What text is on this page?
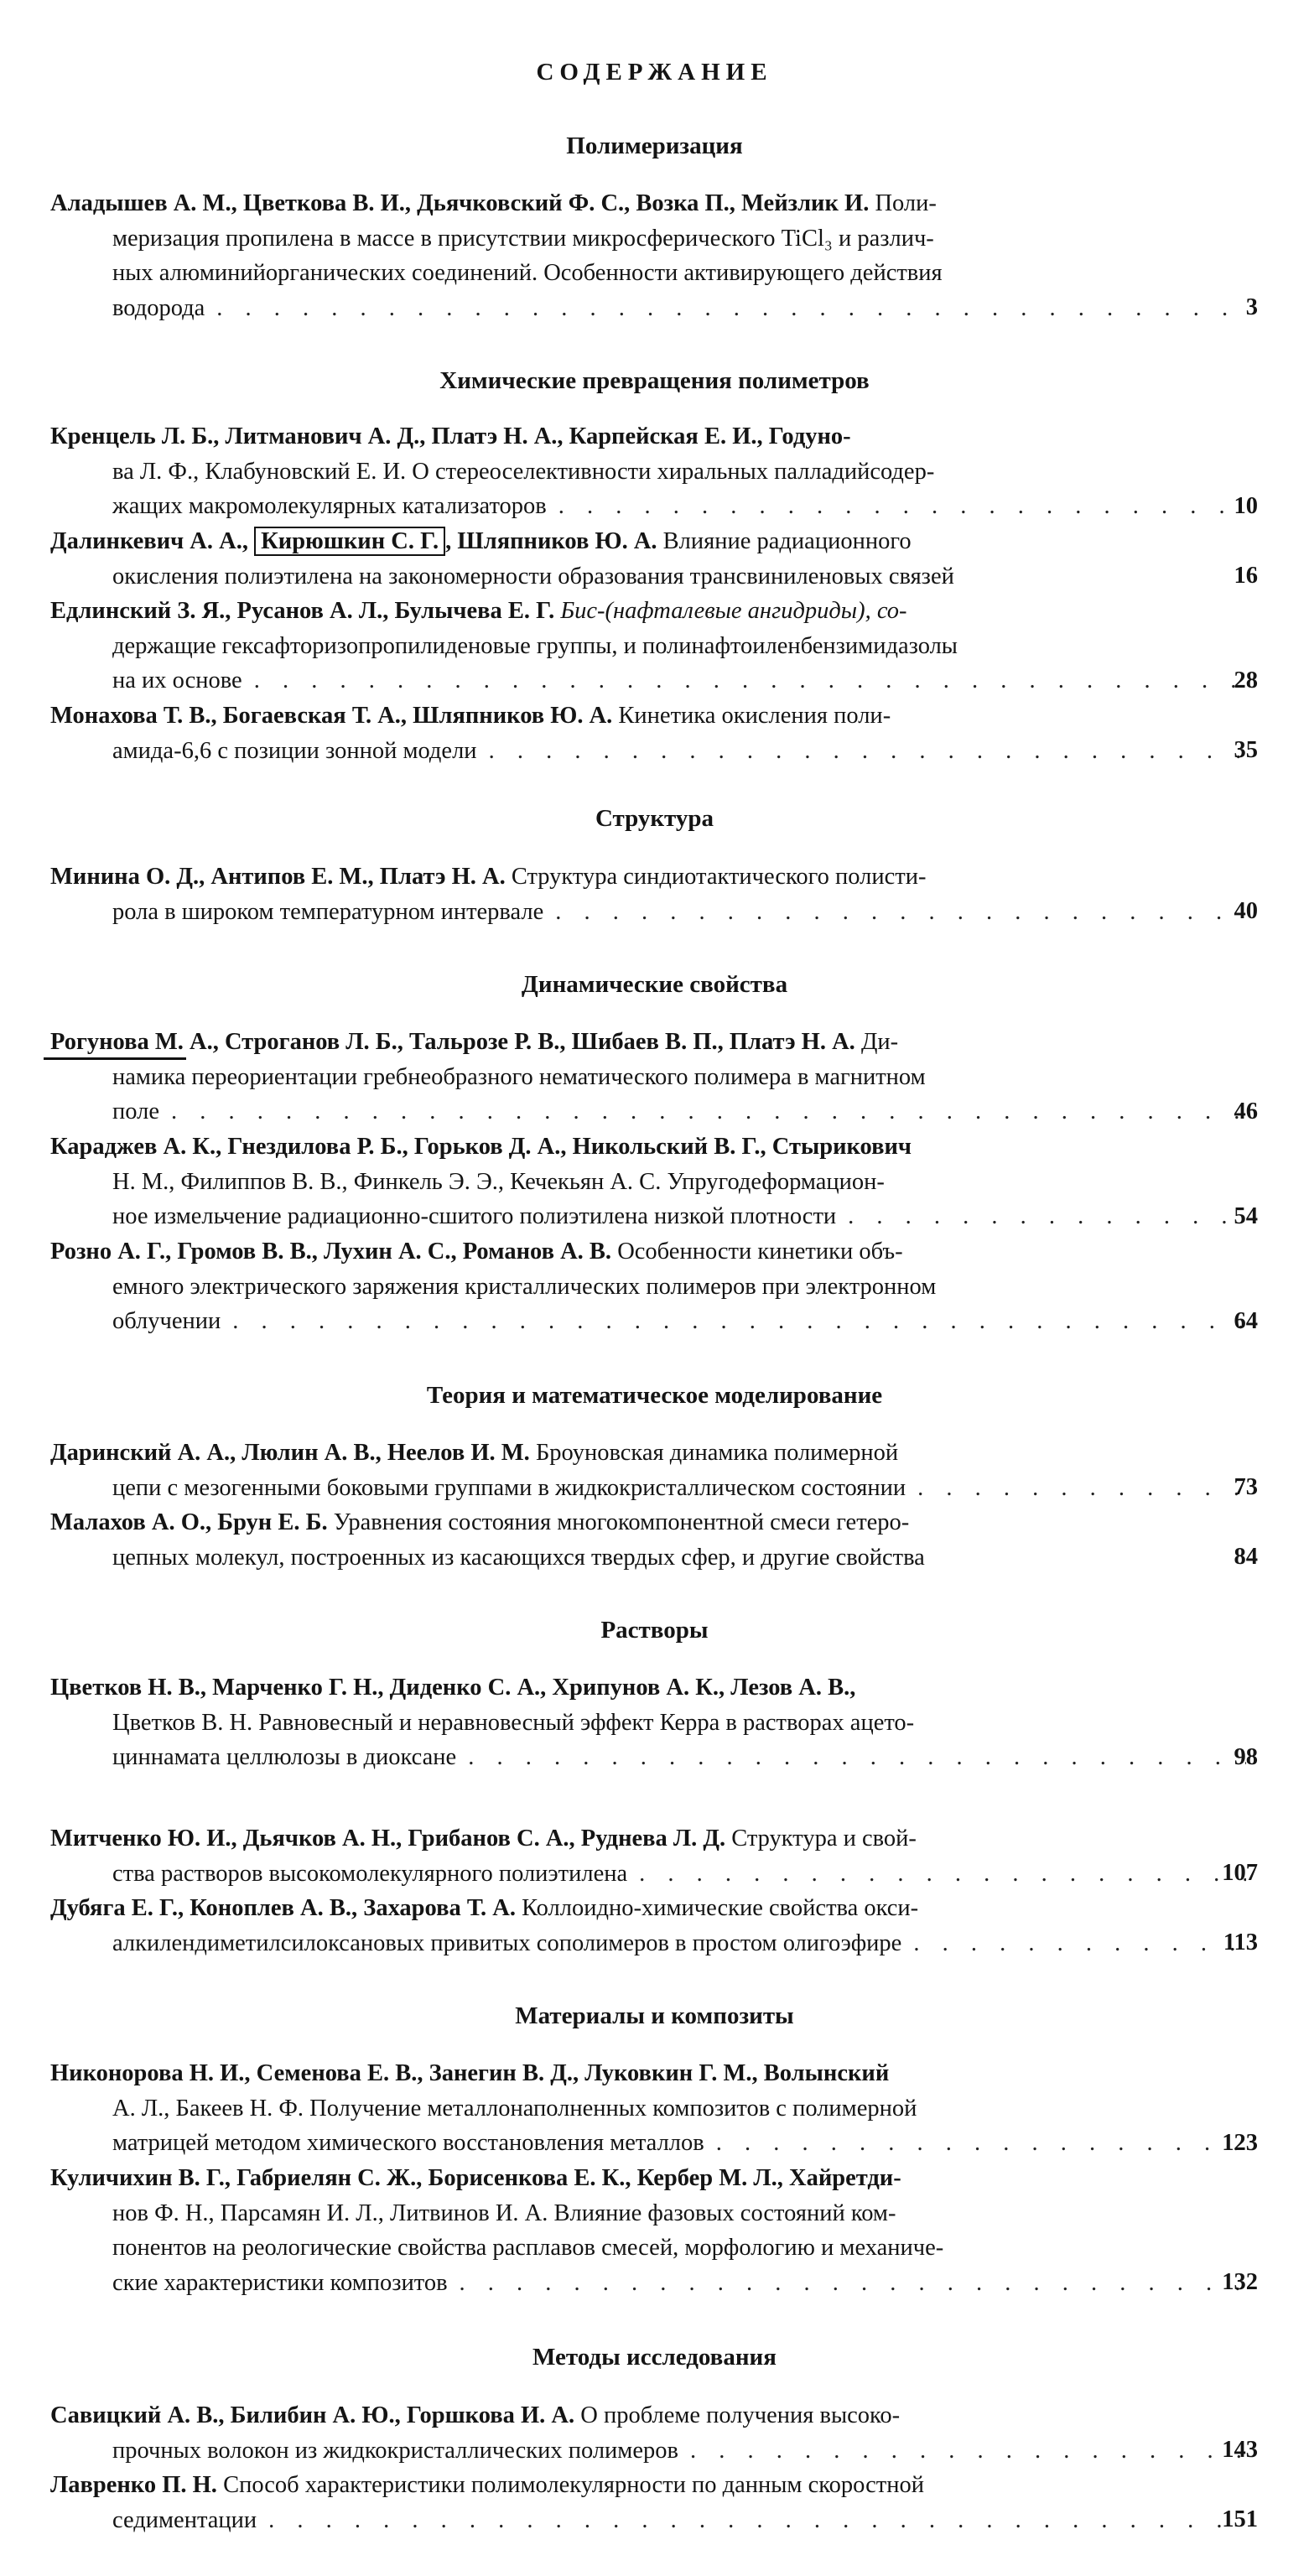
СОДЕРЖАНИЕ
Полимеризация
Аладышев А. М., Цветкова В. И., Дьячковский Ф. С., Возка П., Мейзлик И. Поли-
меризация пропилена в массе в присутствии микросферического TiCl₃ и различ-
ных алюминийорганических соединений. Особенности активирующего действия
водорода . . .	3
Химические превращения полиметров
Кренцель Л. Б., Литманович А. Д., Платэ Н. А., Карпейская Е. И., Годуно-
ва Л. Ф., Клабуновский Е. И. О стереоселективности хиральных палладийсодер-
жащих макромолекулярных катализаторов . . .	10
Далинкевич А. А., Кирюшкин С. Г. , Шляпников Ю. А. Влияние радиационного
окисления полиэтилена на закономерности образования трансвиниленовых связей	16
Едлинский З. Я., Русанов А. Л., Булычева Е. Г. Бис-(нафталевые ангидриды), со-
держащие гексафторизопропилиденовые группы, и полинафтоиленбензимидазолы
на их основе . . .	28
Монахова Т. В., Богаевская Т. А., Шляпников Ю. А. Кинетика окисления поли-
амида-6,6 с позиции зонной модели . . .	35
Структура
Минина О. Д., Антипов Е. М., Платэ Н. А. Структура синдиотактического полисти-
рола в широком температурном интервале . . .	40
Динамические свойства
Рогунова М. А., Строганов Л. Б., Тальрозе Р. В., Шибаев В. П., Платэ Н. А. Ди-
намика переориентации гребнеобразного нематического полимера в магнитном
поле . . .	46
Караджев А. К., Гнездилова Р. Б., Горьков Д. А., Никольский В. Г., Стырикович
Н. М., Филиппов В. В., Финкель Э. Э., Кечекьян А. С. Упругодеформацион-
ное измельчение радиационно-сшитого полиэтилена низкой плотности . . .	54
Розно А. Г., Громов В. В., Лухин А. С., Романов А. В. Особенности кинетики объ-
емного электрического заряжения кристаллических полимеров при электронном
облучении . . .	64
Теория и математическое моделирование
Даринский А. А., Люлин А. В., Неелов И. М. Броуновская динамика полимерной
цепи с мезогенными боковыми группами в жидкокристаллическом состоянии . . .	73
Малахов А. О., Брун Е. Б. Уравнения состояния многокомпонентной смеси гетеро-
цепных молекул, построенных из касающихся твердых сфер, и другие свойства	84
Растворы
Цветков Н. В., Марченко Г. Н., Диденко С. А., Хрипунов А. К., Лезов А. В.,
Цветков В. Н. Равновесный и неравновесный эффект Керра в растворах ацето-
циннамата целлюлозы в диоксане . . .	98
Митченко Ю. И., Дьячков А. Н., Грибанов С. А., Руднева Л. Д. Структура и свой-
ства растворов высокомолекулярного полиэтилена . . .	107
Дубяга Е. Г., Коноплев А. В., Захарова Т. А. Коллоидно-химические свойства окси-
алкилендиметилсилоксановых привитых сополимеров в простом олигоэфире . . .	113
Материалы и композиты
Никонорова Н. И., Семенова Е. В., Занегин В. Д., Луковкин Г. М., Волынский
А. Л., Бакеев Н. Ф. Получение металлонаполненных композитов с полимерной
матрицей методом химического восстановления металлов . . .	123
Куличихин В. Г., Габриелян С. Ж., Борисенкова Е. К., Кербер М. Л., Хайретди-
нов Ф. Н., Парсамян И. Л., Литвинов И. А. Влияние фазовых состояний ком-
понентов на реологические свойства расплавов смесей, морфологию и механиче-
ские характеристики композитов . . .	132
Методы исследования
Савицкий А. В., Билибин А. Ю., Горшкова И. А. О проблеме получения высоко-
прочных волокон из жидкокристаллических полимеров . . .	143
Лавренко П. Н. Способ характеристики полимолекулярности по данным скоростной
седиментации . . .	151
